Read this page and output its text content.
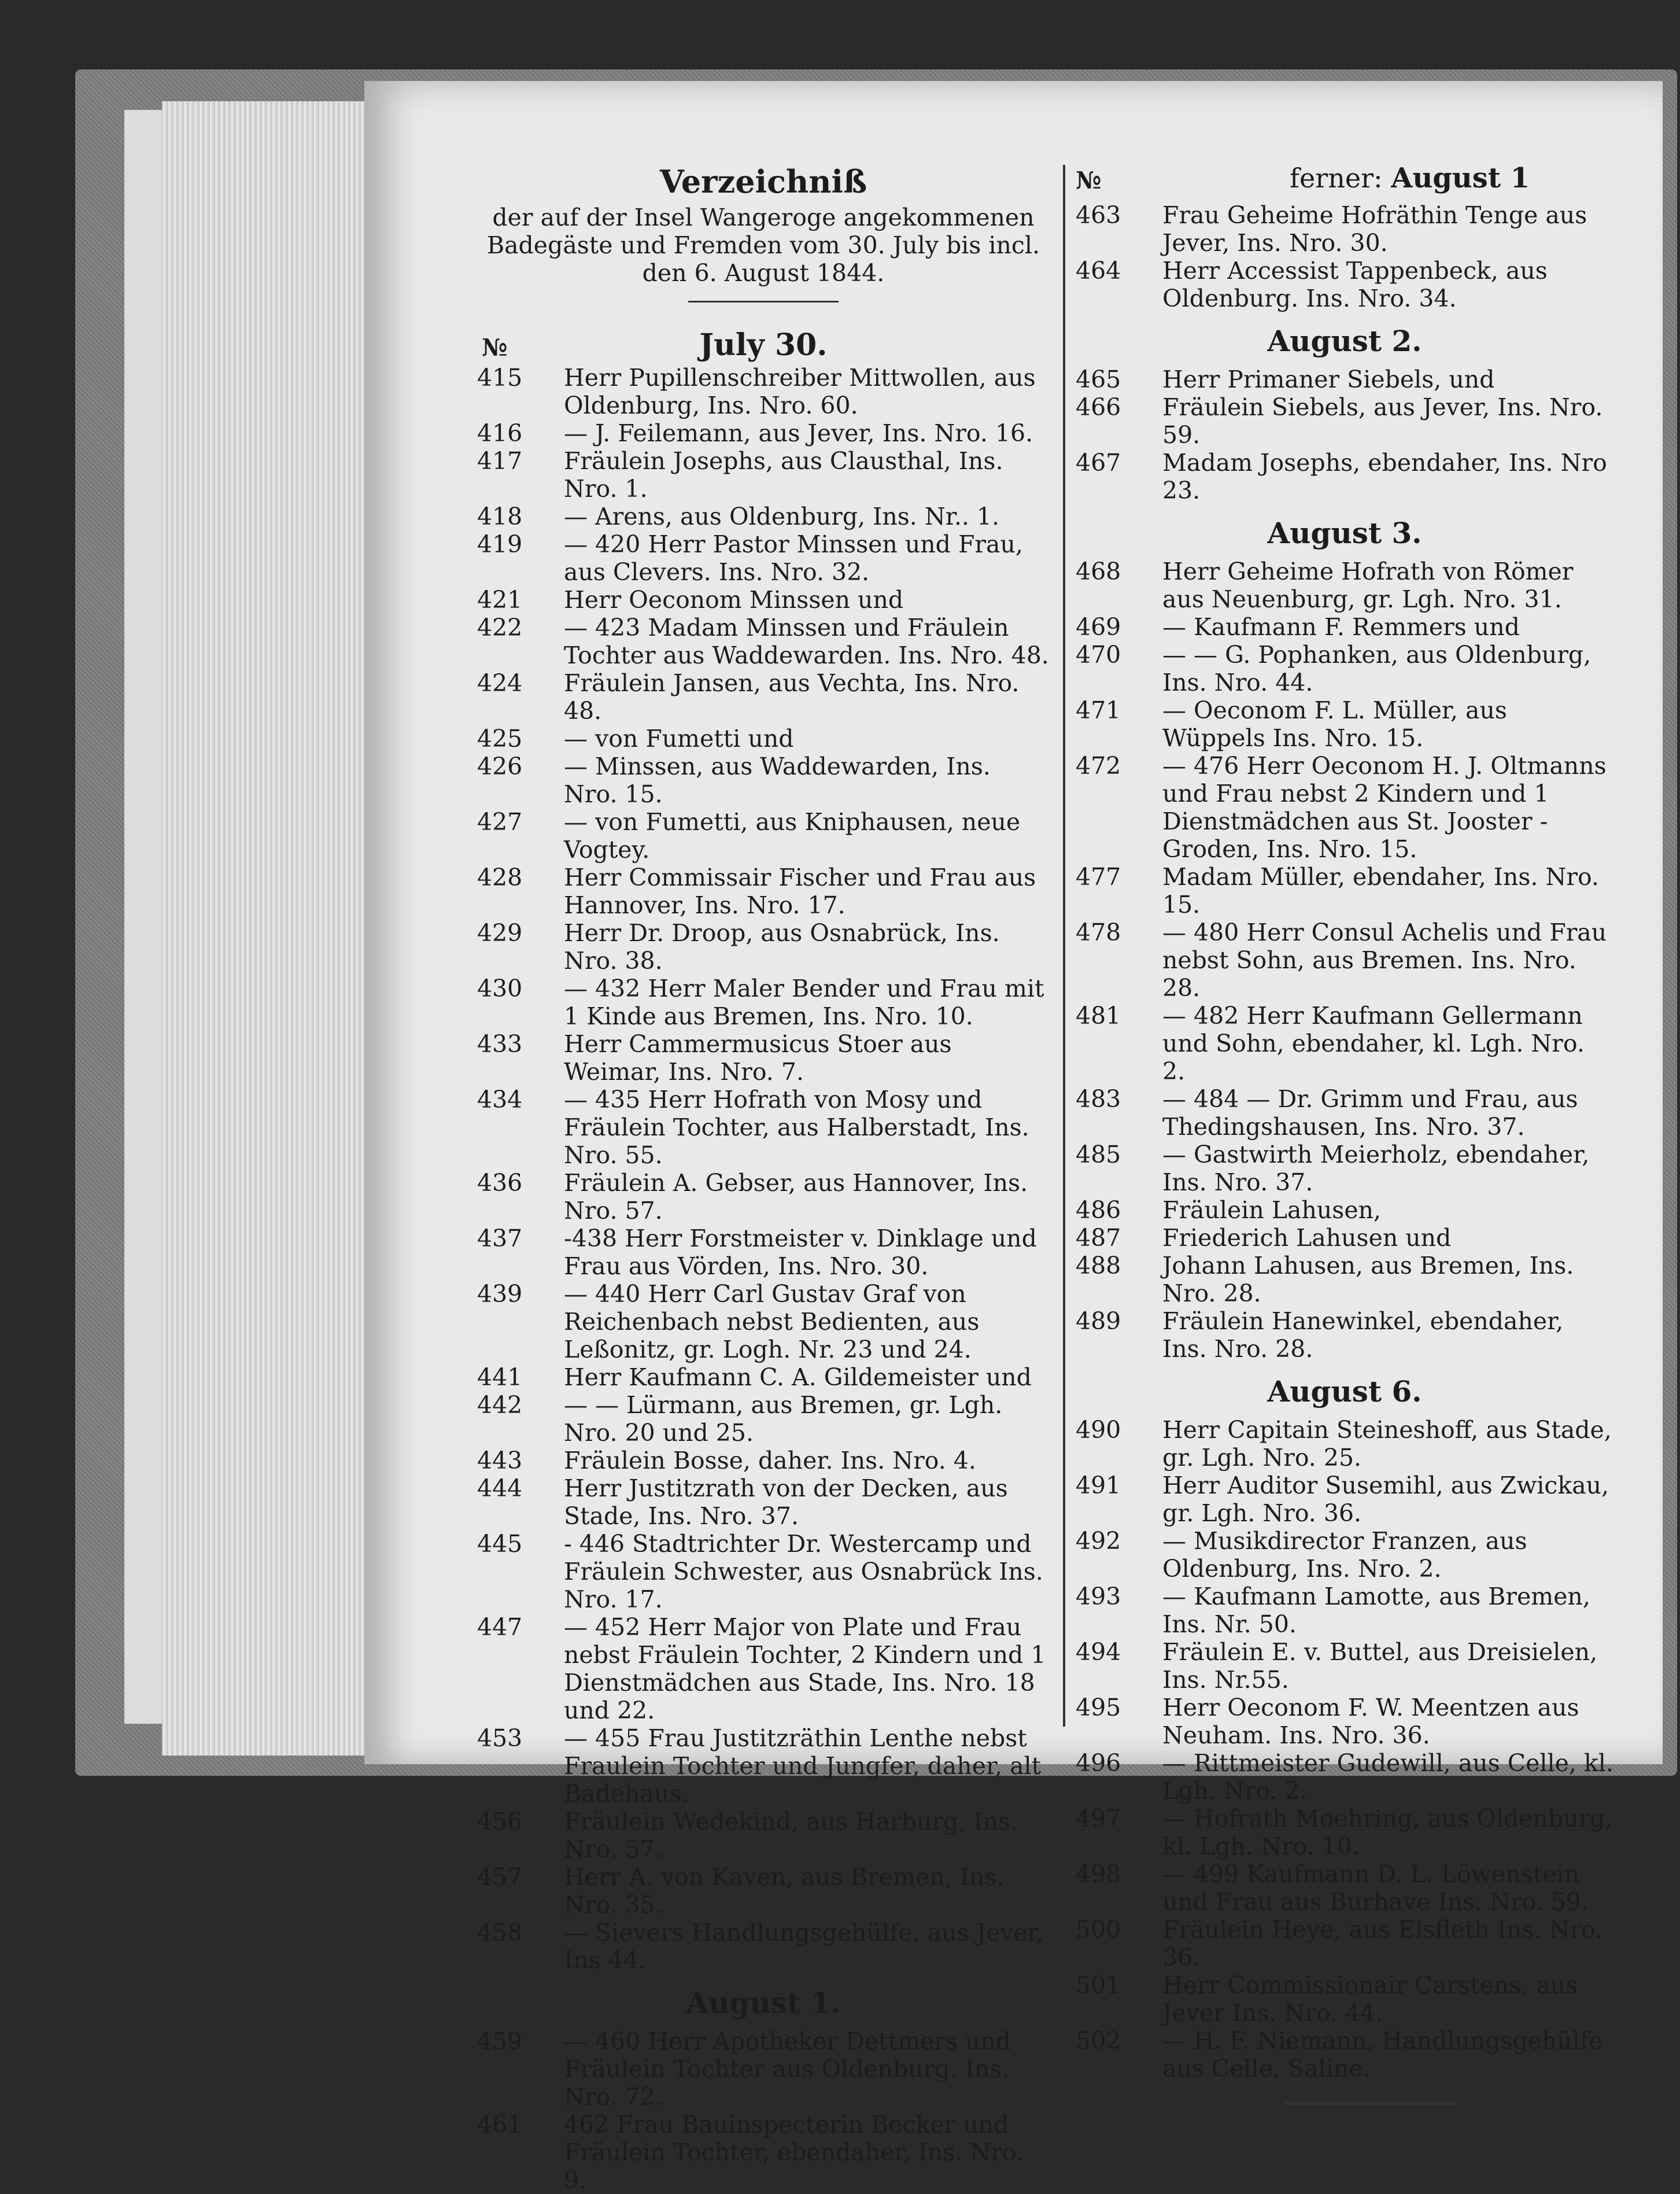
Verzeichniß

der auf der Insel Wangeroge angekommenen

Badegäste und Fremden vom 30. July bis incl.

den 6. August 1844.

№	July 30.
415	Herr Pupillenschreiber Mittwollen, aus Oldenburg, Ins. Nro. 60.
416	— J. Feilemann, aus Jever, Ins. Nro. 16.
417	Fräulein Josephs, aus Clausthal, Ins. Nro. 1.
418	— Arens, aus Oldenburg, Ins. Nr.. 1.
419	— 420 Herr Pastor Minssen und Frau, aus Clevers. Ins. Nro. 32.
421	Herr Oeconom Minssen und
422	— 423 Madam Minssen und Fräulein Tochter aus Waddewarden. Ins. Nro. 48.
424	Fräulein Jansen, aus Vechta, Ins. Nro. 48.
425	— von Fumetti und
426	— Minssen, aus Waddewarden, Ins. Nro. 15.
427	— von Fumetti, aus Kniphausen, neue Vogtey.
428	Herr Commissair Fischer und Frau aus Hannover, Ins. Nro. 17.
429	Herr Dr. Droop, aus Osnabrück, Ins. Nro. 38.
430	— 432 Herr Maler Bender und Frau mit 1 Kinde aus Bremen, Ins. Nro. 10.
433	Herr Cammermusicus Stoer aus Weimar, Ins. Nro. 7.
434	— 435 Herr Hofrath von Mosy und Fräulein Tochter, aus Halberstadt, Ins. Nro. 55.
436	Fräulein A. Gebser, aus Hannover, Ins. Nro. 57.
437	-438 Herr Forstmeister v. Dinklage und Frau aus Vörden, Ins. Nro. 30.
439	— 440 Herr Carl Gustav Graf von Reichenbach nebst Bedienten, aus Leßonitz, gr. Logh. Nr. 23 und 24.
441	Herr Kaufmann C. A. Gildemeister und
442	— — Lürmann, aus Bremen, gr. Lgh. Nro. 20 und 25.
443	Fräulein Bosse, daher. Ins. Nro. 4.
444	Herr Justitzrath von der Decken, aus Stade, Ins. Nro. 37.
445	- 446 Stadtrichter Dr. Westercamp und Fräulein Schwester, aus Osnabrück Ins. Nro. 17.
447	— 452 Herr Major von Plate und Frau nebst Fräulein Tochter, 2 Kindern und 1 Dienstmädchen aus Stade, Ins. Nro. 18 und 22.
453	— 455 Frau Justitzräthin Lenthe nebst Fraulein Tochter und Jungfer, daher, alt Badehaus.
456	Fräulein Wedekind, aus Harburg, Ins. Nro. 57.
457	Herr A. von Kaven, aus Bremen, Ins. Nro. 35.
458	— Sievers Handlungsgehülfe, aus Jever, Ins 44.
August 1.
459	— 460 Herr Apotheker Dettmers und Fräulein Tochter aus Oldenburg. Ins. Nro. 72.
461	462 Frau Bauinspecterin Becker und Fräulein Tochter, ebendaher, Ins. Nro. 9.
№	ferner: August 1
463	Frau Geheime Hofräthin Tenge aus Jever, Ins. Nro. 30.
464	Herr Accessist Tappenbeck, aus Oldenburg. Ins. Nro. 34.
August 2.
465	Herr Primaner Siebels, und
466	Fräulein Siebels, aus Jever, Ins. Nro. 59.
467	Madam Josephs, ebendaher, Ins. Nro 23.
August 3.
468	Herr Geheime Hofrath von Römer aus Neuenburg, gr. Lgh. Nro. 31.
469	— Kaufmann F. Remmers und
470	— — G. Pophanken, aus Oldenburg, Ins. Nro. 44.
471	— Oeconom F. L. Müller, aus Wüppels Ins. Nro. 15.
472	— 476 Herr Oeconom H. J. Oltmanns und Frau nebst 2 Kindern und 1 Dienstmädchen aus St. Jooster - Groden, Ins. Nro. 15.
477	Madam Müller, ebendaher, Ins. Nro. 15.
478	— 480 Herr Consul Achelis und Frau nebst Sohn, aus Bremen. Ins. Nro. 28.
481	— 482 Herr Kaufmann Gellermann und Sohn, ebendaher, kl. Lgh. Nro. 2.
483	— 484 — Dr. Grimm und Frau, aus Thedingshausen, Ins. Nro. 37.
485	— Gastwirth Meierholz, ebendaher, Ins. Nro. 37.
486	Fräulein Lahusen,
487	Friederich Lahusen und
488	Johann Lahusen, aus Bremen, Ins. Nro. 28.
489	Fräulein Hanewinkel, ebendaher, Ins. Nro. 28.
August 6.
490	Herr Capitain Steineshoff, aus Stade, gr. Lgh. Nro. 25.
491	Herr Auditor Susemihl, aus Zwickau, gr. Lgh. Nro. 36.
492	— Musikdirector Franzen, aus Oldenburg, Ins. Nro. 2.
493	— Kaufmann Lamotte, aus Bremen, Ins. Nr. 50.
494	Fräulein E. v. Buttel, aus Dreisielen, Ins. Nr.55.
495	Herr Oeconom F. W. Meentzen aus Neuham. Ins. Nro. 36.
496	— Rittmeister Gudewill, aus Celle, kl. Lgh. Nro. 2.
497	— Hofrath Moehring, aus Oldenburg, kl. Lgh. Nro. 10.
498	— 499 Kaufmann D. L. Löwenstein und Frau aus Burhave Ins. Nro. 59.
500	Fräulein Heye, aus Elsfleth Ins. Nro. 36.
501	Herr Commissionair Carstens, aus Jever Ins. Nro. 44.
502	— H. F. Niemann, Handlungsgehülfe aus Celle, Saline.
